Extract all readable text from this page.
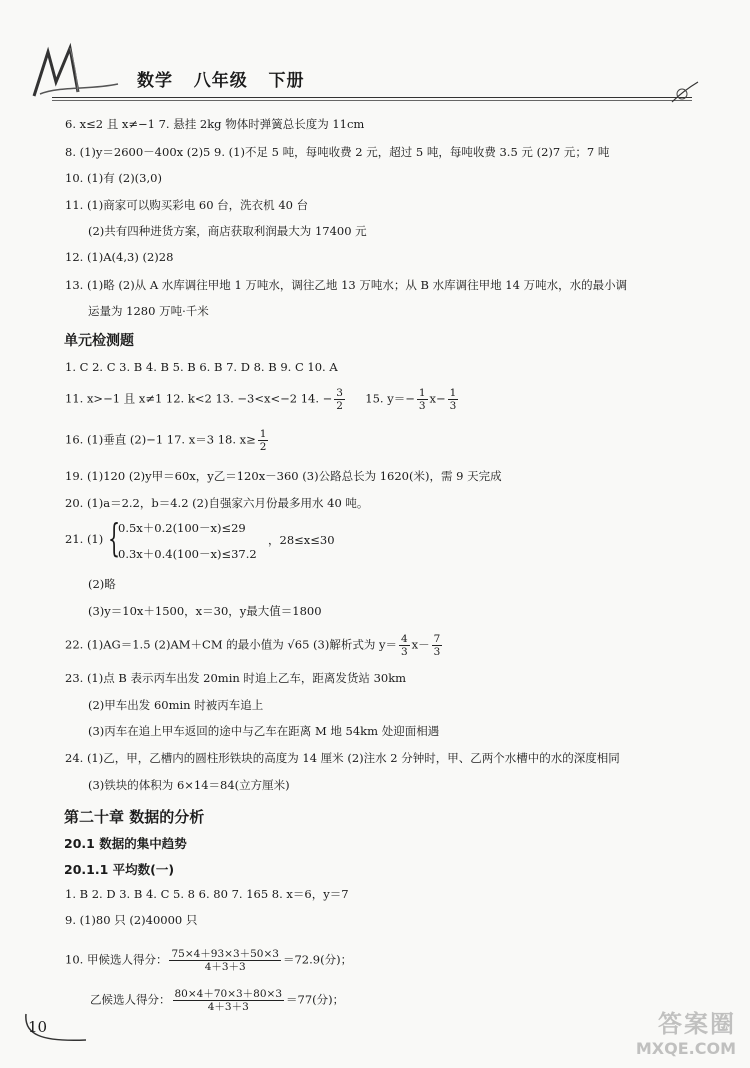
数学   八年级   下册
6. x≤2 且 x≠−1 7. 悬挂 2kg 物体时弹簧总长度为 11cm
8. (1)y＝2600－400x (2)5 9. (1)不足 5 吨，每吨收费 2 元，超过 5 吨，每吨收费 3.5 元 (2)7 元；7 吨
10. (1)有 (2)(3,0)
11. (1)商家可以购买彩电 60 台，洗衣机 40 台
(2)共有四种进货方案，商店获取利润最大为 17400 元
12. (1)A(4,3) (2)28
13. (1)略 (2)从 A 水库调往甲地 1 万吨水，调往乙地 13 万吨水；从 B 水库调往甲地 14 万吨水，水的最小调
运量为 1280 万吨·千米
单元检测题
1. C 2. C 3. B 4. B 5. B 6. B 7. D 8. B 9. C 10. A
11. x>−1 且 x≠1 12. k<2 13. −3<x<−2 14. − $\frac{3}{2} 15$. $y=- \frac{1}{3} x- \frac{1}{3}$
16. (1)垂直 (2)−1 17. x＝3 18. $x\ge \frac{1}{2}$
19. (1)120 (2)y甲＝60x，y乙＝120x－360 (3)公路总长为 1620(米)，需 9 天完成
20. (1)a＝2.2，b＝4.2 (2)自强家六月份最多用水 40 吨。
21. (1) {
0.5x＋0.2(100－x)≤29
0.3x＋0.4(100－x)≤37.2
，28≤x≤30
(2)略
(3)y＝10x＋1500，x＝30，y最大值＝1800
22. (1)AG＝1.5 (2)AM＋CM 的最小值为 √65 (3)解析式为 $y= \frac{4}{3} x- \frac{7}{3}$
23. (1)点 B 表示丙车出发 20min 时追上乙车，距离发货站 30km
(2)甲车出发 60min 时被丙车追上
(3)丙车在追上甲车返回的途中与乙车在距离 M 地 54km 处迎面相遇
24. (1)乙，甲，乙槽内的圆柱形铁块的高度为 14 厘米 (2)注水 2 分钟时，甲、乙两个水槽中的水的深度相同
(3)铁块的体积为 6×14＝84(立方厘米)
第二十章 数据的分析
20.1 数据的集中趋势
20.1.1 平均数(一)
1. B 2. D 3. B 4. C 5. 8 6. 80 7. 165 8. x＝6，y＝7
9. (1)80 只 (2)40000 只
10. 甲候选人得分： $\frac{75\times 4+93\times 3+50\times 3}{4+3+3} =72.9$(分)；
乙候选人得分： $\frac{80\times 4+70\times 3+80\times 3}{4+3+3} =77$(分)；
10	答案圈
MXQE.COM
